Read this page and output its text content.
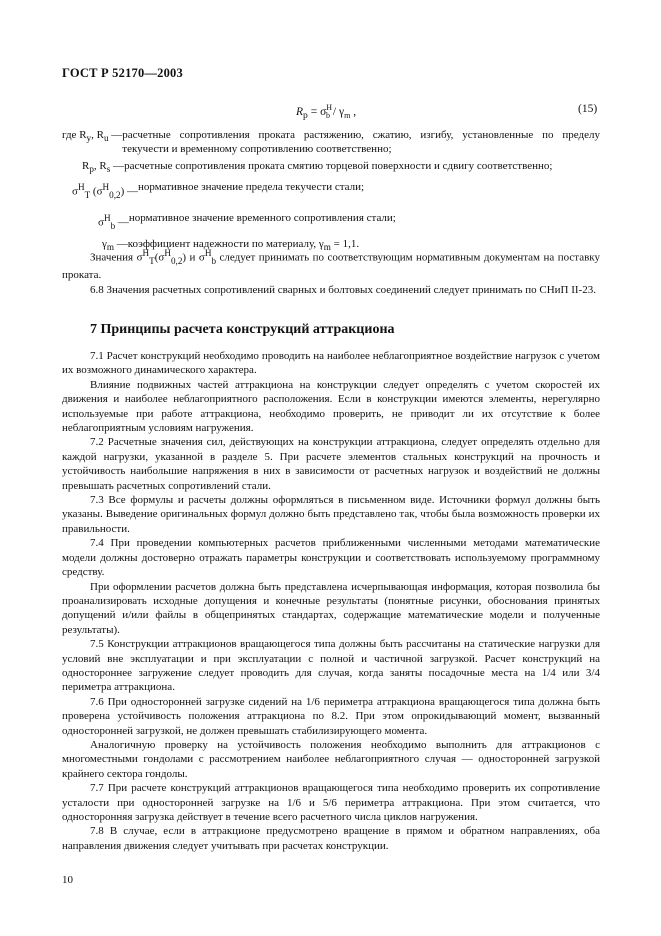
ГОСТ Р 52170—2003
$R_p = \sigma^H_b / \gamma_m$ ,	(15)
где $R_y$, $R_u$ — расчетные сопротивления проката растяжению, сжатию, изгибу, установленные по пределу текучести и временному сопротивлению соответственно;
$R_p$, $R_s$ — расчетные сопротивления проката смятию торцевой поверхности и сдвигу соответственно;
$\sigma^H_T$ $(\sigma^H_{0,2})$ — нормативное значение предела текучести стали;
$\sigma^H_b$ — нормативное значение временного сопротивления стали;
$\gamma_m$ — коэффициент надежности по материалу, $\gamma_m = 1,1$.

Значения $\sigma^H_T(\sigma^H_{0,2})$ и $\sigma^H_b$ следует принимать по соответствующим нормативным документам на поставку проката.

6.8 Значения расчетных сопротивлений сварных и болтовых соединений следует принимать по СНиП II-23.

7 Принципы расчета конструкций аттракциона

7.1 Расчет конструкций необходимо проводить на наиболее неблагоприятное воздействие нагрузок с учетом их возможного динамического характера.

Влияние подвижных частей аттракциона на конструкции следует определять с учетом скоростей их движения и наиболее неблагоприятного расположения. Если в конструкции имеются элементы, нерегулярно используемые при работе аттракциона, необходимо проверить, не приводит ли их отсутствие к более неблагоприятным условиям нагружения.

7.2 Расчетные значения сил, действующих на конструкции аттракциона, следует определять отдельно для каждой нагрузки, указанной в разделе 5. При расчете элементов стальных конструкций на прочность и устойчивость наибольшие напряжения в них в зависимости от расчетных нагрузок и воздействий не должны превышать расчетных сопротивлений стали.

7.3 Все формулы и расчеты должны оформляться в письменном виде. Источники формул должны быть указаны. Выведение оригинальных формул должно быть представлено так, чтобы была возможность проверки их правильности.

7.4 При проведении компьютерных расчетов приближенными численными методами математические модели должны достоверно отражать параметры конструкции и соответствовать используемому программному средству.

При оформлении расчетов должна быть представлена исчерпывающая информация, которая позволила бы проанализировать исходные допущения и конечные результаты (понятные рисунки, обоснования принятых допущений и/или файлы в общепринятых стандартах, содержащие математические модели и полученные результаты).

7.5 Конструкции аттракционов вращающегося типа должны быть рассчитаны на статические нагрузки для условий вне эксплуатации и при эксплуатации с полной и частичной загрузкой. Расчет конструкций на одностороннее загружение следует проводить для случая, когда заняты посадочные места на 1/4 или 3/4 периметра аттракциона.

7.6 При односторонней загрузке сидений на 1/6 периметра аттракциона вращающегося типа должна быть проверена устойчивость положения аттракциона по 8.2. При этом опрокидывающий момент, вызванный односторонней загрузкой, не должен превышать стабилизирующего момента.

Аналогичную проверку на устойчивость положения необходимо выполнить для аттракционов с многоместными гондолами с рассмотрением наиболее неблагоприятного случая — односторонней загрузкой крайнего сектора гондолы.

7.7 При расчете конструкций аттракционов вращающегося типа необходимо проверить их сопротивление усталости при односторонней загрузке на 1/6 и 5/6 периметра аттракциона. При этом считается, что односторонняя загрузка действует в течение всего расчетного числа циклов нагружения.

7.8 В случае, если в аттракционе предусмотрено вращение в прямом и обратном направлениях, оба направления движения следует учитывать при расчетах конструкции.

10
